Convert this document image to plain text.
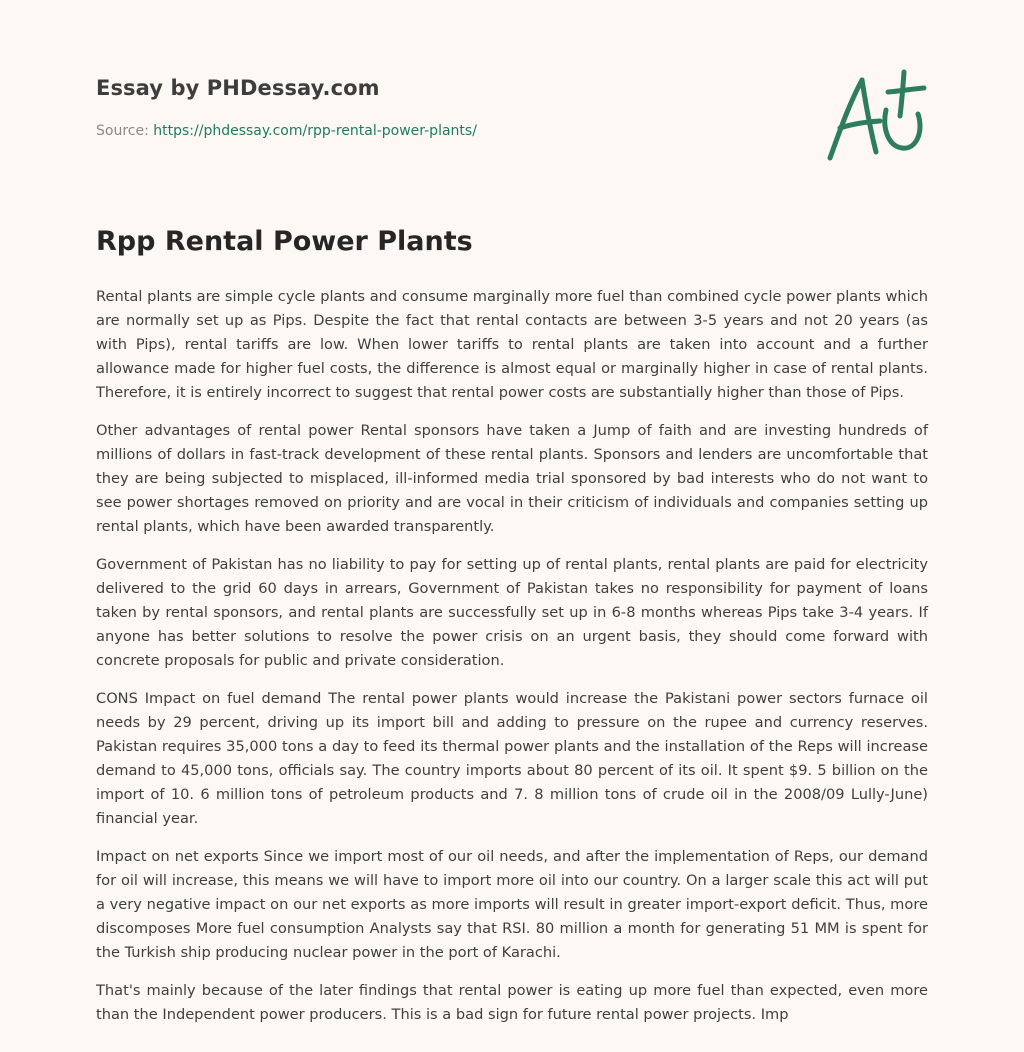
Essay by PHDessay.com
Source: https://phdessay.com/rpp-rental-power-plants/
Rpp Rental Power Plants

Rental plants are simple cycle plants and consume marginally more fuel than combined cycle power plants which are normally set up as Pips. Despite the fact that rental contacts are between 3-5 years and not 20 years (as with Pips), rental tariffs are low. When lower tariffs to rental plants are taken into account and a further allowance made for higher fuel costs, the difference is almost equal or marginally higher in case of rental plants. Therefore, it is entirely incorrect to suggest that rental power costs are substantially higher than those of Pips.

Other advantages of rental power Rental sponsors have taken a Jump of faith and are investing hundreds of millions of dollars in fast-track development of these rental plants. Sponsors and lenders are uncomfortable that they are being subjected to misplaced, ill-informed media trial sponsored by bad interests who do not want to see power shortages removed on priority and are vocal in their criticism of individuals and companies setting up rental plants, which have been awarded transparently.

Government of Pakistan has no liability to pay for setting up of rental plants, rental plants are paid for electricity delivered to the grid 60 days in arrears, Government of Pakistan takes no responsibility for payment of loans taken by rental sponsors, and rental plants are successfully set up in 6-8 months whereas Pips take 3-4 years. If anyone has better solutions to resolve the power crisis on an urgent basis, they should come forward with concrete proposals for public and private consideration.

CONS Impact on fuel demand The rental power plants would increase the Pakistani power sectors furnace oil needs by 29 percent, driving up its import bill and adding to pressure on the rupee and currency reserves. Pakistan requires 35,000 tons a day to feed its thermal power plants and the installation of the Reps will increase demand to 45,000 tons, officials say. The country imports about 80 percent of its oil. It spent $9. 5 billion on the import of 10. 6 million tons of petroleum products and 7. 8 million tons of crude oil in the 2008/09 Lully-June) financial year.

Impact on net exports Since we import most of our oil needs, and after the implementation of Reps, our demand for oil will increase, this means we will have to import more oil into our country. On a larger scale this act will put a very negative impact on our net exports as more imports will result in greater import-export deficit. Thus, more discomposes More fuel consumption Analysts say that RSI. 80 million a month for generating 51 MM is spent for the Turkish ship producing nuclear power in the port of Karachi.

That's mainly because of the later findings that rental power is eating up more fuel than expected, even more than the Independent power producers. This is a bad sign for future rental power projects. Imp
